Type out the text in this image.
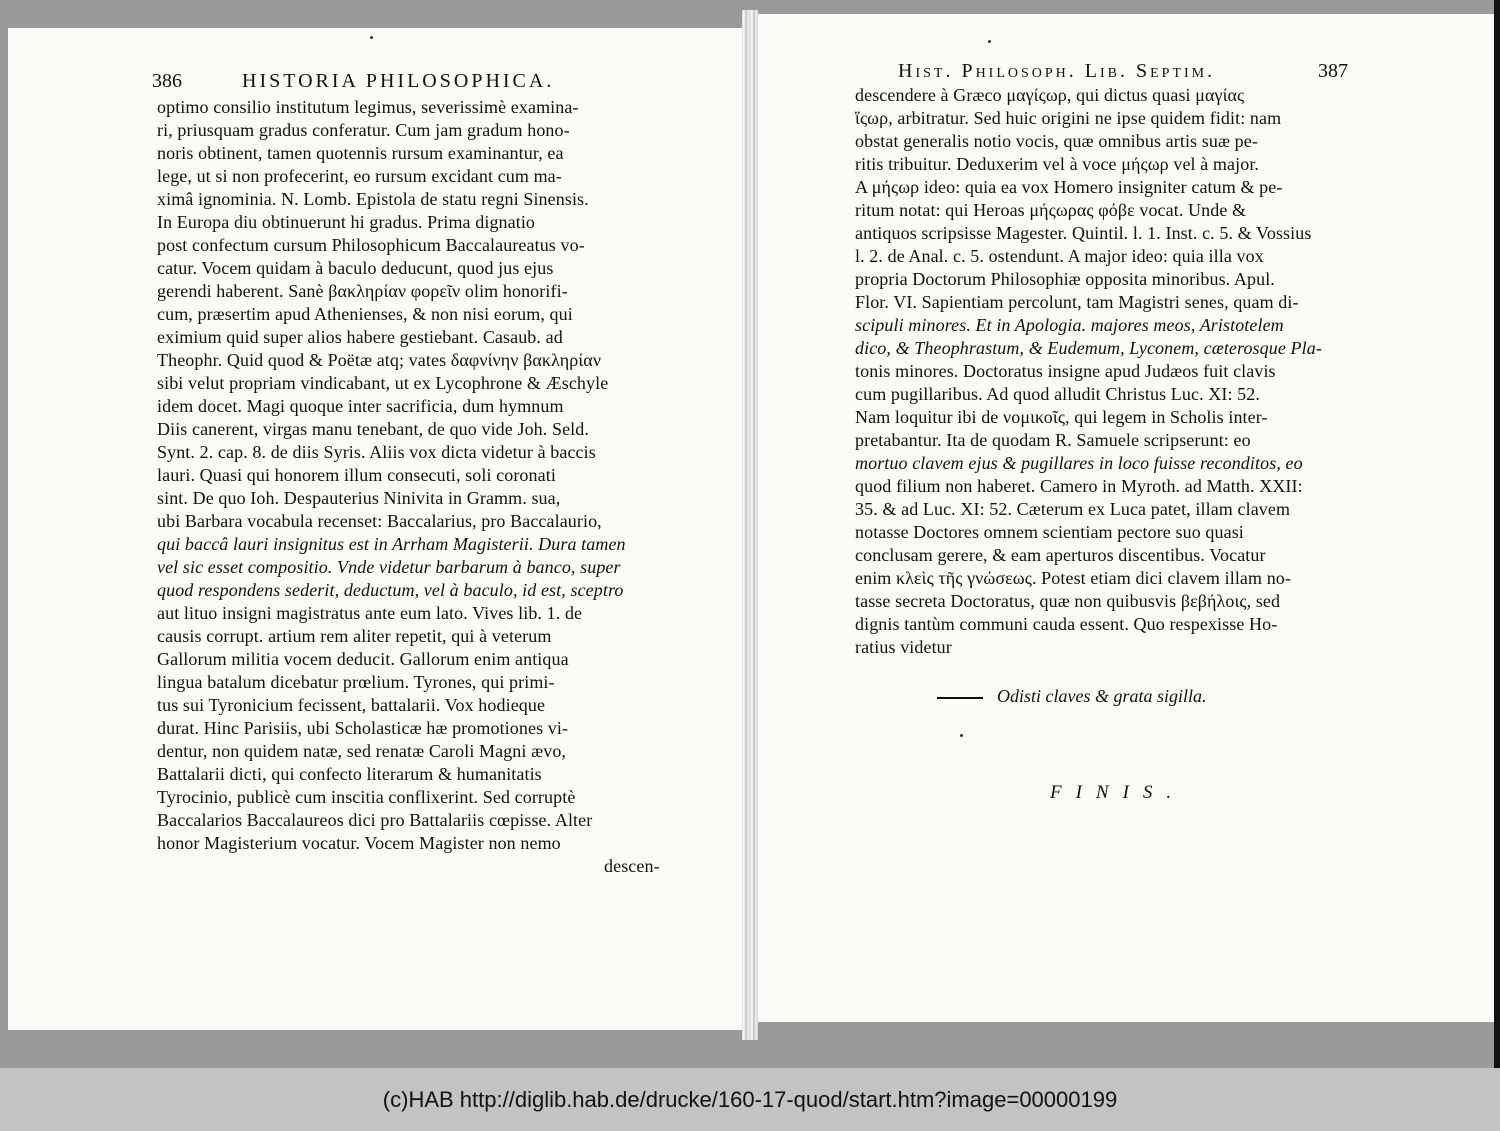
386	HISTORIA PHILOSOPHICA.
optimo consilio institutum legimus, severissimè examina-
ri, priusquam gradus conferatur. Cum jam gradum hono-
noris obtinent, tamen quotennis rursum examinantur, ea
lege, ut si non profecerint, eo rursum excidant cum ma-
ximâ ignominia. N. Lomb. Epistola de statu regni Sinensis.
In Europa diu obtinuerunt hi gradus. Prima dignatio
post confectum cursum Philosophicum Baccalaureatus vo-
catur. Vocem quidam à baculo deducunt, quod jus ejus
gerendi haberent. Sanè βακληρίαν φορεῖν olim honorifi-
cum, præsertim apud Athenienses, & non nisi eorum, qui
eximium quid super alios habere gestiebant. Casaub. ad
Theophr. Quid quod & Poëtæ atq; vates δαφνίνην βακληρίαν
sibi velut propriam vindicabant, ut ex Lycophrone & Æschyle
idem docet. Magi quoque inter sacrificia, dum hymnum
Diis canerent, virgas manu tenebant, de quo vide Joh. Seld.
Synt. 2. cap. 8. de diis Syris. Aliis vox dicta videtur à baccis
lauri. Quasi qui honorem illum consecuti, soli coronati
sint. De quo Ioh. Despauterius Ninivita in Gramm. sua,
ubi Barbara vocabula recenset: Baccalarius, pro Baccalaurio,
qui baccâ lauri insignitus est in Arrham Magisterii. Dura tamen
vel sic esset compositio. Vnde videtur barbarum à banco, super
quod respondens sederit, deductum, vel à baculo, id est, sceptro
aut lituo insigni magistratus ante eum lato. Vives lib. 1. de
causis corrupt. artium rem aliter repetit, qui à veterum
Gallorum militia vocem deducit. Gallorum enim antiqua
lingua batalum dicebatur prœlium. Tyrones, qui primi-
tus sui Tyronicium fecissent, battalarii. Vox hodieque
durat. Hinc Parisiis, ubi Scholasticæ hæ promotiones vi-
dentur, non quidem natæ, sed renatæ Caroli Magni ævo,
Battalarii dicti, qui confecto literarum & humanitatis
Tyrocinio, publicè cum inscitia conflixerint. Sed corruptè
Baccalarios Baccalaureos dici pro Battalariis cœpisse. Alter
honor Magisterium vocatur. Vocem Magister non nemo
descen-
Hist. Philosoph. Lib. Septim.	387
descendere à Græco μαγίςωρ, qui dictus quasi μαγίας
ἵςωρ, arbitratur. Sed huic origini ne ipse quidem fidit: nam
obstat generalis notio vocis, quæ omnibus artis suæ pe-
ritis tribuitur. Deduxerim vel à voce μήςωρ vel à major.
A μήςωρ ideo: quia ea vox Homero insigniter catum & pe-
ritum notat: qui Heroas μήςωρας φόβε vocat. Unde &
antiquos scripsisse Magester. Quintil. l. 1. Inst. c. 5. & Vossius
l. 2. de Anal. c. 5. ostendunt. A major ideo: quia illa vox
propria Doctorum Philosophiæ opposita minoribus. Apul.
Flor. VI. Sapientiam percolunt, tam Magistri senes, quam di-
scipuli minores. Et in Apologia. majores meos, Aristotelem
dico, & Theophrastum, & Eudemum, Lyconem, cæterosque Pla-
tonis minores. Doctoratus insigne apud Judæos fuit clavis
cum pugillaribus. Ad quod alludit Christus Luc. XI: 52.
Nam loquitur ibi de νομικοῖς, qui legem in Scholis inter-
pretabantur. Ita de quodam R. Samuele scripserunt: eo
mortuo clavem ejus & pugillares in loco fuisse reconditos, eo
quod filium non haberet. Camero in Myroth. ad Matth. XXII:
35. & ad Luc. XI: 52. Cæterum ex Luca patet, illam clavem
notasse Doctores omnem scientiam pectore suo quasi
conclusam gerere, & eam aperturos discentibus. Vocatur
enim κλεὶς τῆς γνώσεως. Potest etiam dici clavem illam no-
tasse secreta Doctoratus, quæ non quibusvis βεβήλοις, sed
dignis tantùm communi cauda essent. Quo respexisse Ho-
ratius videtur
Odisti claves & grata sigilla.
FINIS.
(c)HAB http://diglib.hab.de/drucke/160-17-quod/start.htm?image=00000199
